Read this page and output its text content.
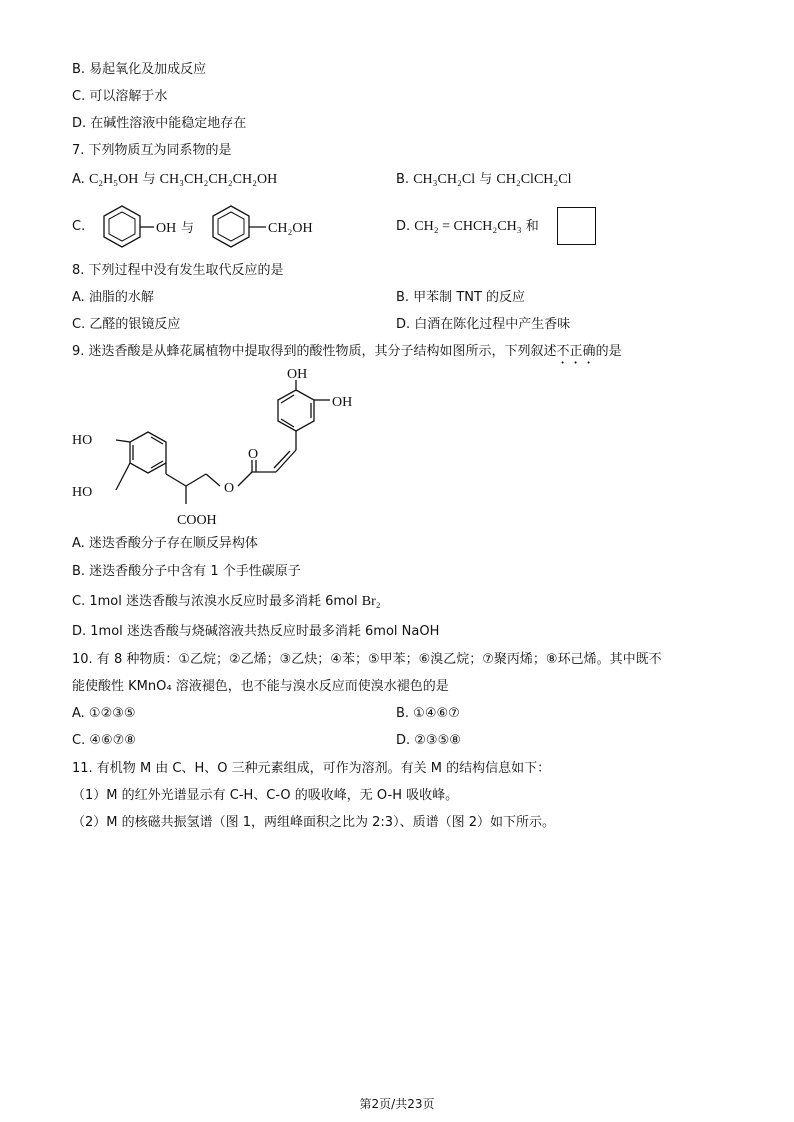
B. 易起氧化及加成反应
C. 可以溶解于水
D. 在碱性溶液中能稳定地存在
7. 下列物质互为同系物的是
A. C₂H₅OH 与 CH₃CH₂CH₂CH₂OH	B. CH₃CH₂Cl 与 CH₂ClCH₂Cl
C.	OH 与	CH₂OH	D. CH₂ = CHCH₂CH₃ 和
8. 下列过程中没有发生取代反应的是
A. 油脂的水解	B. 甲苯制 TNT 的反应
C. 乙醛的银镜反应	D. 白酒在陈化过程中产生香味
9. 迷迭香酸是从蜂花属植物中提取得到的酸性物质，其分子结构如图所示，下列叙述不正确的是
OH
OH
HO
HO
O
O
COOH
A. 迷迭香酸分子存在顺反异构体
B. 迷迭香酸分子中含有 1 个手性碳原子
C. 1mol 迷迭香酸与浓溴水反应时最多消耗 6mol Br₂
D. 1mol 迷迭香酸与烧碱溶液共热反应时最多消耗 6mol NaOH
10. 有 8 种物质：①乙烷；②乙烯；③乙炔；④苯；⑤甲苯；⑥溴乙烷；⑦聚丙烯；⑧环己烯。其中既不
能使酸性 KMnO₄ 溶液褪色，也不能与溴水反应而使溴水褪色的是
A. ①②③⑤	B. ①④⑥⑦
C. ④⑥⑦⑧	D. ②③⑤⑧
11. 有机物 M 由 C、H、O 三种元素组成，可作为溶剂。有关 M 的结构信息如下：
（1）M 的红外光谱显示有 C-H、C-O 的吸收峰，无 O-H 吸收峰。
（2）M 的核磁共振氢谱（图 1，两组峰面积之比为 2:3）、质谱（图 2）如下所示。
第2页/共23页
